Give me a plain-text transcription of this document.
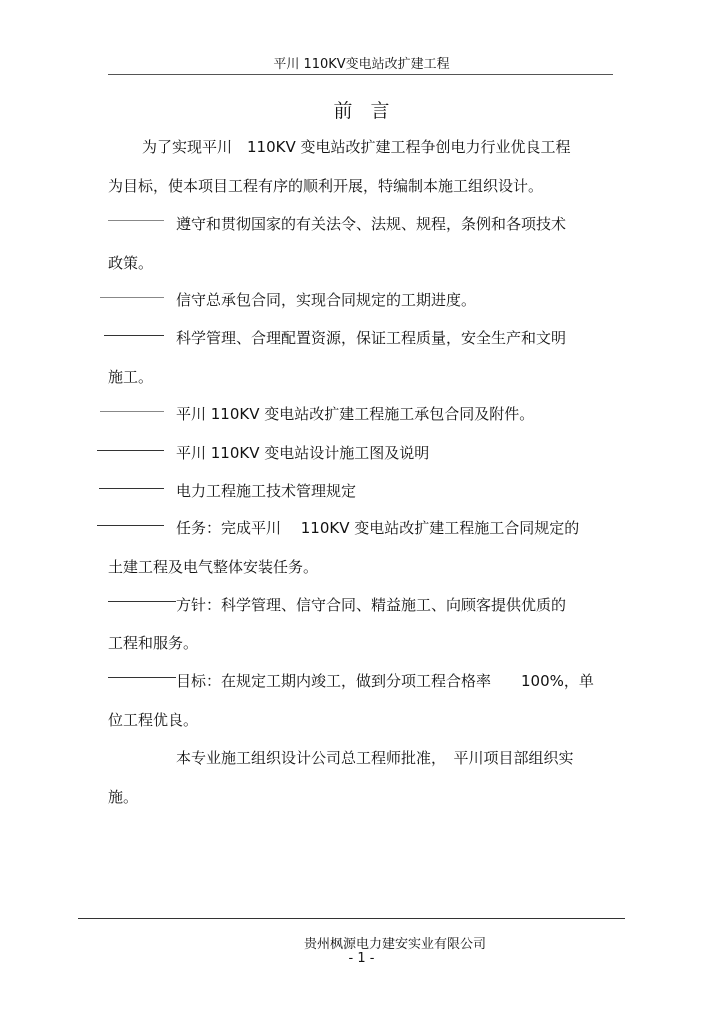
平川 110KV变电站改扩建工程
前言
为了实现平川　110KV 变电站改扩建工程争创电力行业优良工程
为目标，使本项目工程有序的顺利开展，特编制本施工组织设计。
遵守和贯彻国家的有关法令、法规、规程，条例和各项技术
政策。
信守总承包合同，实现合同规定的工期进度。
科学管理、合理配置资源，保证工程质量，安全生产和文明
施工。
平川 110KV 变电站改扩建工程施工承包合同及附件。
平川 110KV 变电站设计施工图及说明
电力工程施工技术管理规定
任务：完成平川　 110KV 变电站改扩建工程施工合同规定的
土建工程及电气整体安装任务。
方针：科学管理、信守合同、精益施工、向顾客提供优质的
工程和服务。
目标：在规定工期内竣工，做到分项工程合格率　　100%，单
位工程优良。
本专业施工组织设计公司总工程师批准，　平川项目部组织实
施。
贵州枫源电力建安实业有限公司
- 1 -
